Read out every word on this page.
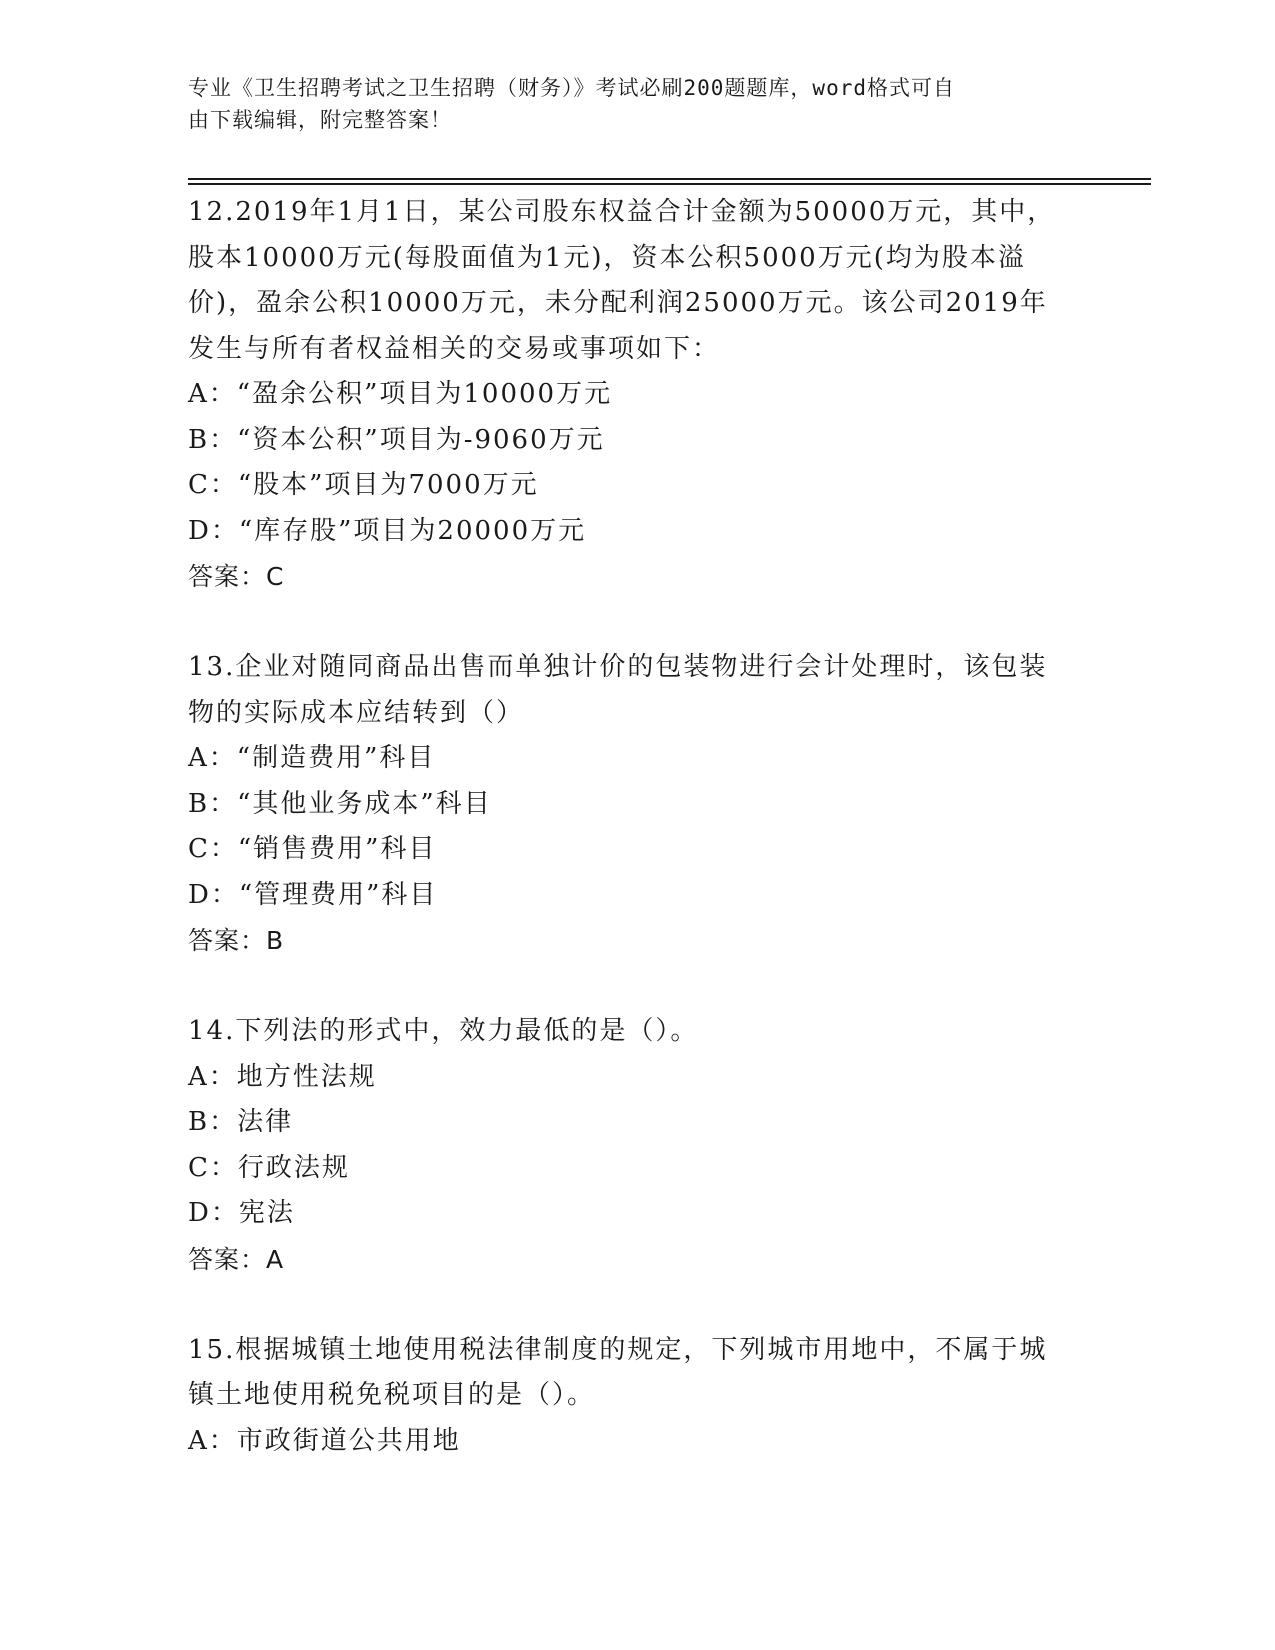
专业《卫生招聘考试之卫生招聘（财务）》考试必刷200题题库，word格式可自
由下载编辑，附完整答案！
12.2019年1月1日，某公司股东权益合计金额为50000万元，其中，
股本10000万元(每股面值为1元)，资本公积5000万元(均为股本溢
价)，盈余公积10000万元，未分配利润25000万元。该公司2019年
发生与所有者权益相关的交易或事项如下：
A：“盈余公积”项目为10000万元
B：“资本公积”项目为-9060万元
C：“股本”项目为7000万元
D：“库存股”项目为20000万元
答案：C
13.企业对随同商品出售而单独计价的包装物进行会计处理时，该包装
物的实际成本应结转到（）
A：“制造费用”科目
B：“其他业务成本”科目
C：“销售费用”科目
D：“管理费用”科目
答案：B
14.下列法的形式中，效力最低的是（）。
A：地方性法规
B：法律
C：行政法规
D：宪法
答案：A
15.根据城镇土地使用税法律制度的规定，下列城市用地中，不属于城
镇土地使用税免税项目的是（）。
A：市政街道公共用地
